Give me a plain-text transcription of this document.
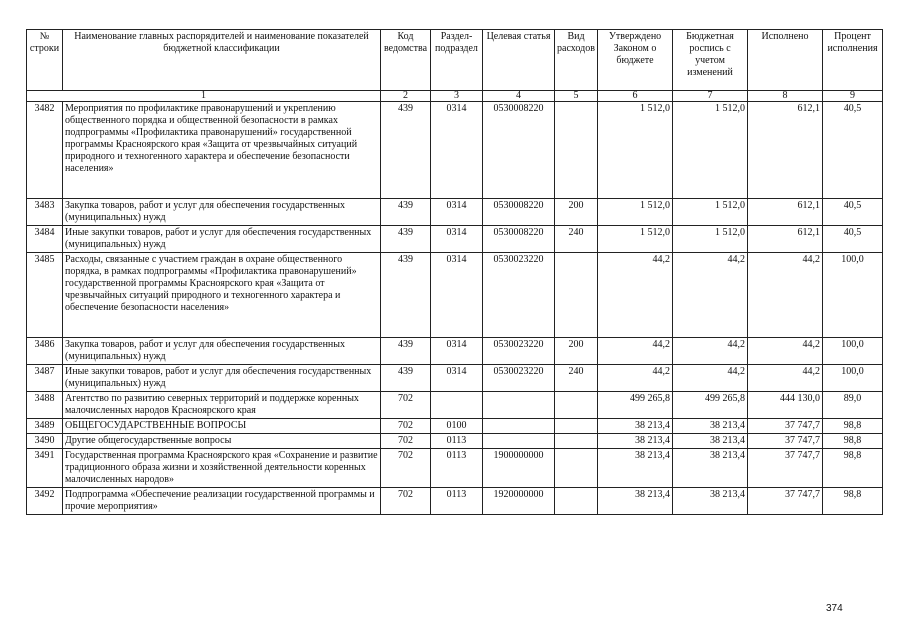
№ строки	Наименование главных распорядителей и наименование показателей бюджетной классификации	Код ведомства	Раздел-подраздел	Целевая статья	Вид расходов	Утверждено Законом о бюджете	Бюджетная роспись с учетом изменений	Исполнено	Процент исполнения
1		2	3	4	5	6	7	8	9
3482	Мероприятия по профилактике правонарушений и укреплению общественного порядка и общественной безопасности в рамках подпрограммы «Профилактика правонарушений» государственной программы Красноярского края «Защита от чрезвычайных ситуаций природного и техногенного характера и обеспечение безопасности населения»	439	0314	0530008220		1 512,0	1 512,0	612,1	40,5
3483	Закупка товаров, работ и услуг для обеспечения государственных (муниципальных) нужд	439	0314	0530008220	200	1 512,0	1 512,0	612,1	40,5
3484	Иные закупки товаров, работ и услуг для обеспечения государственных (муниципальных) нужд	439	0314	0530008220	240	1 512,0	1 512,0	612,1	40,5
3485	Расходы, связанные с участием граждан в охране общественного порядка, в рамках подпрограммы «Профилактика правонарушений» государственной программы Красноярского края «Защита от чрезвычайных ситуаций природного и техногенного характера и обеспечение безопасности населения»	439	0314	0530023220		44,2	44,2	44,2	100,0
3486	Закупка товаров, работ и услуг для обеспечения государственных (муниципальных) нужд	439	0314	0530023220	200	44,2	44,2	44,2	100,0
3487	Иные закупки товаров, работ и услуг для обеспечения государственных (муниципальных) нужд	439	0314	0530023220	240	44,2	44,2	44,2	100,0
3488	Агентство по развитию северных территорий и поддержке коренных малочисленных народов Красноярского края	702				499 265,8	499 265,8	444 130,0	89,0
3489	ОБЩЕГОСУДАРСТВЕННЫЕ ВОПРОСЫ	702	0100			38 213,4	38 213,4	37 747,7	98,8
3490	Другие общегосударственные вопросы	702	0113			38 213,4	38 213,4	37 747,7	98,8
3491	Государственная программа Красноярского края «Сохранение и развитие традиционного образа жизни и хозяйственной деятельности коренных малочисленных народов»	702	0113	1900000000		38 213,4	38 213,4	37 747,7	98,8
3492	Подпрограмма «Обеспечение реализации государственной программы и прочие мероприятия»	702	0113	1920000000		38 213,4	38 213,4	37 747,7	98,8
374
